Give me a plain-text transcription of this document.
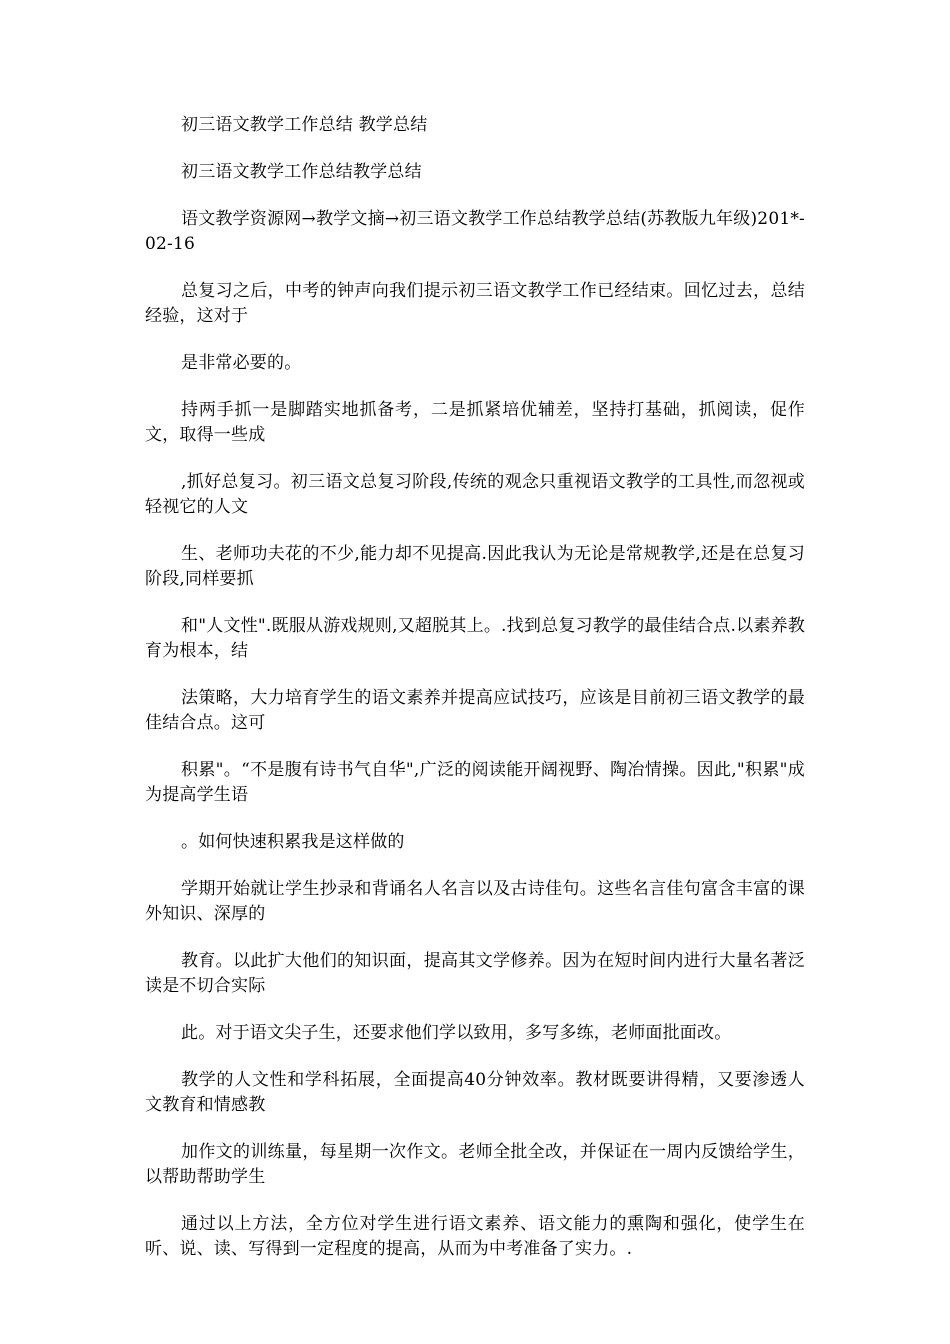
初三语文教学工作总结 教学总结

初三语文教学工作总结教学总结

语文教学资源网→教学文摘→初三语文教学工作总结教学总结(苏教版九年级)201*-02-16

总复习之后，中考的钟声向我们提示初三语文教学工作已经结束。回忆过去，总结经验，这对于

是非常必要的。

持两手抓一是脚踏实地抓备考，二是抓紧培优辅差，坚持打基础，抓阅读，促作文，取得一些成

,抓好总复习。初三语文总复习阶段,传统的观念只重视语文教学的工具性,而忽视或轻视它的人文

生、老师功夫花的不少,能力却不见提高.因此我认为无论是常规教学,还是在总复习阶段,同样要抓

和"人文性".既服从游戏规则,又超脱其上。.找到总复习教学的最佳结合点.以素养教育为根本，结

法策略，大力培育学生的语文素养并提高应试技巧，应该是目前初三语文教学的最佳结合点。这可

积累"。“不是腹有诗书气自华",广泛的阅读能开阔视野、陶冶情操。因此,"积累"成为提高学生语

。如何快速积累我是这样做的

学期开始就让学生抄录和背诵名人名言以及古诗佳句。这些名言佳句富含丰富的课外知识、深厚的

教育。以此扩大他们的知识面，提高其文学修养。因为在短时间内进行大量名著泛读是不切合实际

此。对于语文尖子生，还要求他们学以致用，多写多练，老师面批面改。

教学的人文性和学科拓展，全面提高40分钟效率。教材既要讲得精，又要渗透人文教育和情感教

加作文的训练量，每星期一次作文。老师全批全改，并保证在一周内反馈给学生，以帮助帮助学生

通过以上方法，全方位对学生进行语文素养、语文能力的熏陶和强化，使学生在听、说、读、写得到一定程度的提高，从而为中考准备了实力。.
